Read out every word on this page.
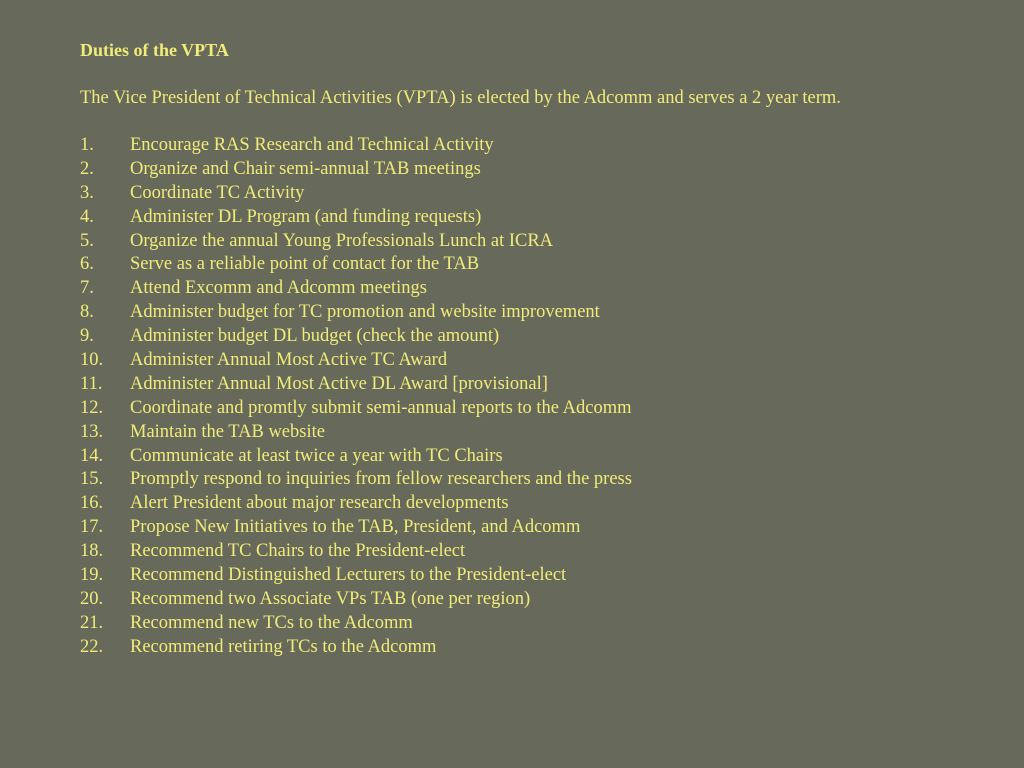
Duties of the VPTA
The Vice President of Technical Activities (VPTA) is elected by the Adcomm and serves a 2 year term.
1. Encourage RAS Research and Technical Activity
2. Organize and Chair semi-annual TAB meetings
3. Coordinate TC Activity
4. Administer DL Program (and funding requests)
5. Organize the annual Young Professionals Lunch at ICRA
6. Serve as a reliable point of contact for the TAB
7. Attend Excomm and Adcomm meetings
8. Administer budget for TC promotion and website improvement
9. Administer budget DL budget (check the amount)
10. Administer Annual Most Active TC Award
11. Administer Annual Most Active DL Award [provisional]
12. Coordinate and promtly submit semi-annual reports to the Adcomm
13. Maintain the TAB website
14. Communicate at least twice a year with TC Chairs
15. Promptly respond to inquiries from fellow researchers and the press
16. Alert President about major research developments
17. Propose New Initiatives to the TAB, President, and Adcomm
18. Recommend TC Chairs to the President-elect
19. Recommend Distinguished Lecturers to the President-elect
20. Recommend two Associate VPs TAB (one per region)
21. Recommend new TCs to the Adcomm
22. Recommend retiring TCs to the Adcomm
